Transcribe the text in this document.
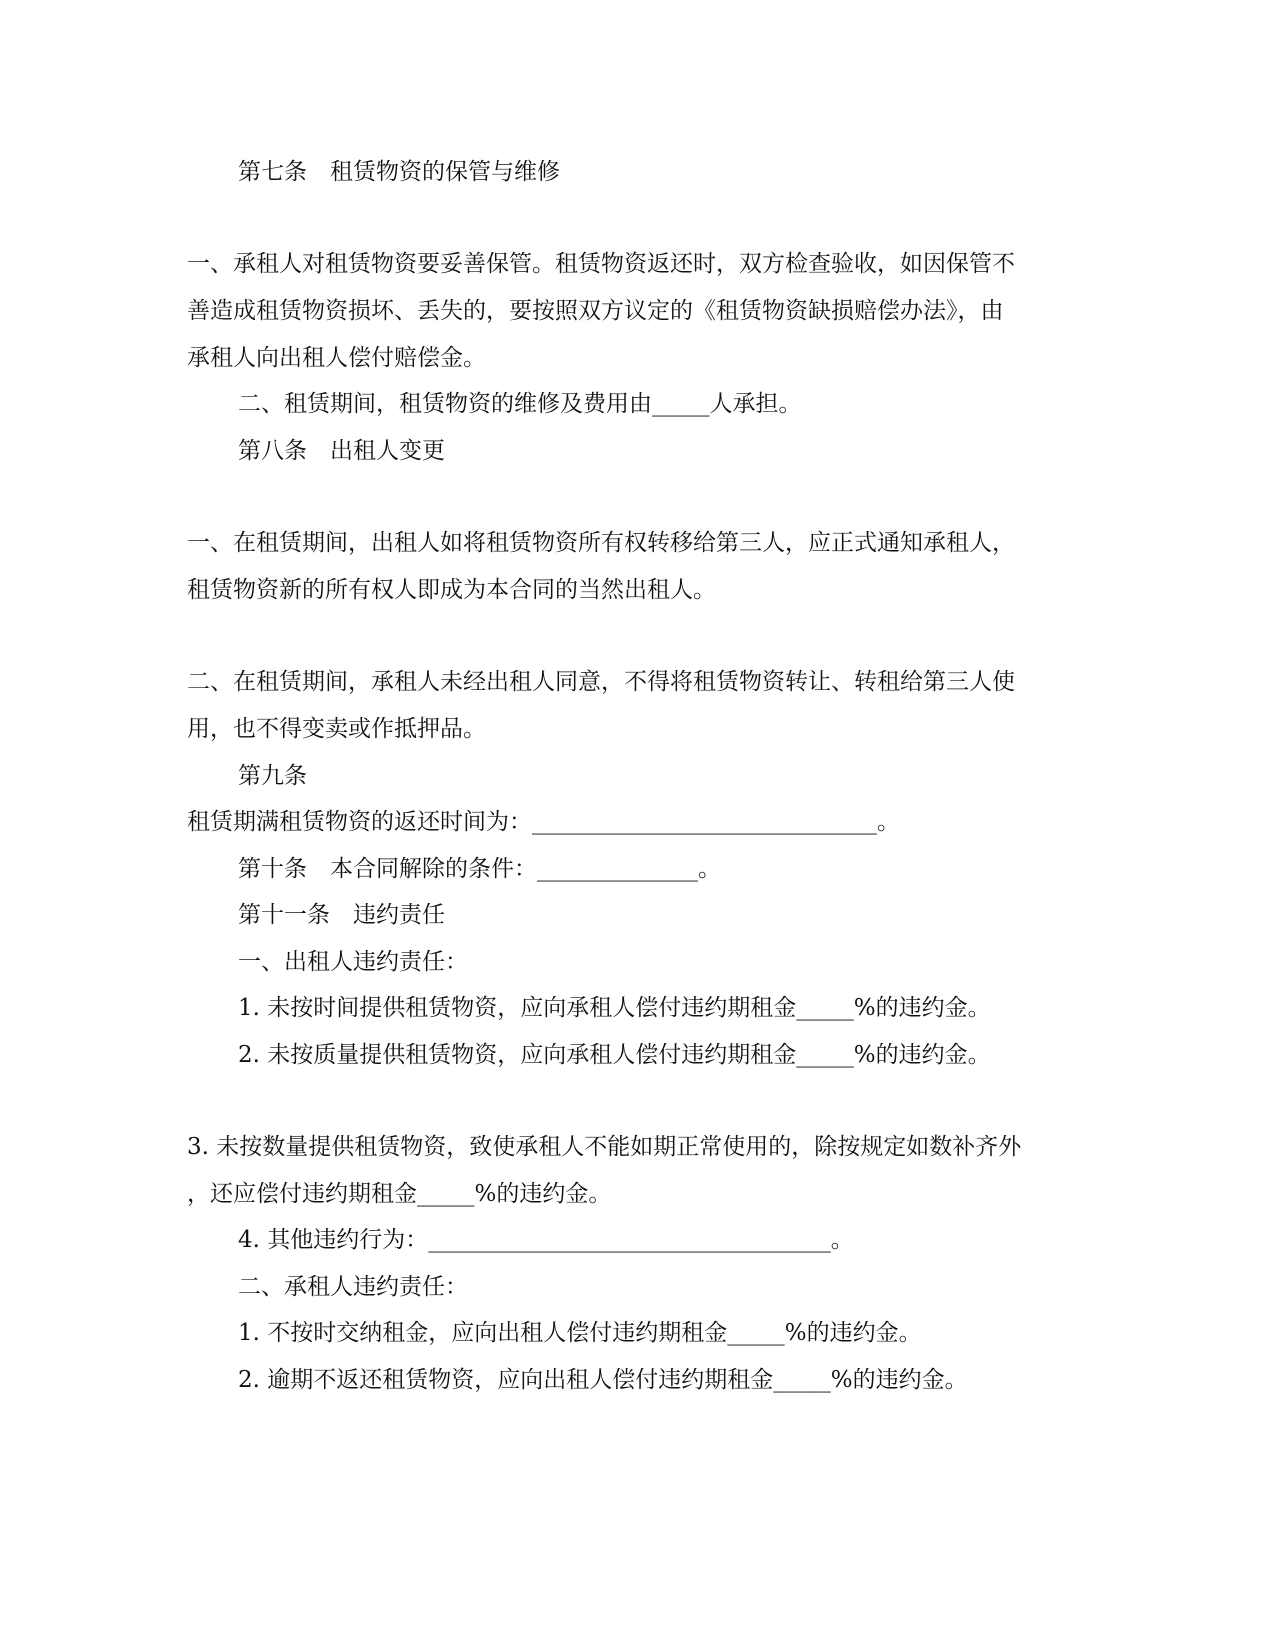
第七条　租赁物资的保管与维修
一、承租人对租赁物资要妥善保管。租赁物资返还时，双方检查验收，如因保管不
善造成租赁物资损坏、丢失的，要按照双方议定的《租赁物资缺损赔偿办法》，由
承租人向出租人偿付赔偿金。
二、租赁期间，租赁物资的维修及费用由_____人承担。
第八条　出租人变更
一、在租赁期间，出租人如将租赁物资所有权转移给第三人，应正式通知承租人，
租赁物资新的所有权人即成为本合同的当然出租人。
二、在租赁期间，承租人未经出租人同意，不得将租赁物资转让、转租给第三人使
用，也不得变卖或作抵押品。
第九条
租赁期满租赁物资的返还时间为：______________________________。
第十条　本合同解除的条件：______________。
第十一条　违约责任
一、出租人违约责任：
1. 未按时间提供租赁物资，应向承租人偿付违约期租金_____%的违约金。
2. 未按质量提供租赁物资，应向承租人偿付违约期租金_____%的违约金。
3. 未按数量提供租赁物资，致使承租人不能如期正常使用的，除按规定如数补齐外
，还应偿付违约期租金_____%的违约金。
4. 其他违约行为：___________________________________。
二、承租人违约责任：
1. 不按时交纳租金，应向出租人偿付违约期租金_____%的违约金。
2. 逾期不返还租赁物资，应向出租人偿付违约期租金_____%的违约金。
